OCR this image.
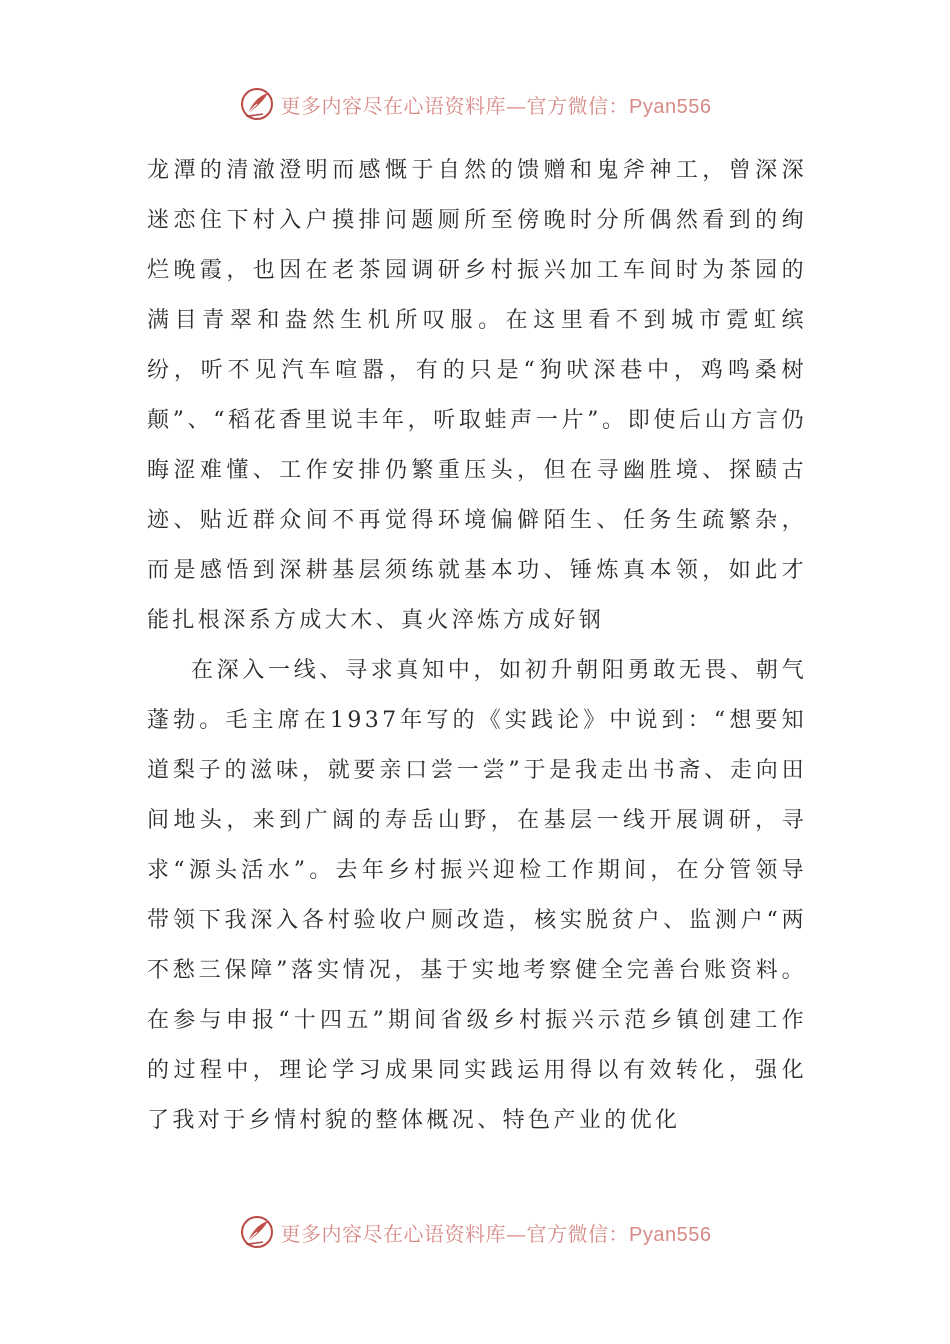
更多内容尽在心语资料库—官方微信：Pyan556

龙潭的清澈澄明而感慨于自然的馈赠和鬼斧神工，曾深深迷恋住下村入户摸排问题厕所至傍晚时分所偶然看到的绚烂晚霞，也因在老茶园调研乡村振兴加工车间时为茶园的满目青翠和盎然生机所叹服。在这里看不到城市霓虹缤纷，听不见汽车喧嚣，有的只是“狗吠深巷中，鸡鸣桑树颠”、“稻花香里说丰年，听取蛙声一片”。即使后山方言仍晦涩难懂、工作安排仍繁重压头，但在寻幽胜境、探赜古迹、贴近群众间不再觉得环境偏僻陌生、任务生疏繁杂，而是感悟到深耕基层须练就基本功、锤炼真本领，如此才能扎根深系方成大木、真火淬炼方成好钢

在深入一线、寻求真知中，如初升朝阳勇敢无畏、朝气蓬勃。毛主席在1937年写的《实践论》中说到：“想要知道梨子的滋味，就要亲口尝一尝”于是我走出书斋、走向田间地头，来到广阔的寿岳山野，在基层一线开展调研，寻求“源头活水”。去年乡村振兴迎检工作期间，在分管领导带领下我深入各村验收户厕改造，核实脱贫户、监测户“两不愁三保障”落实情况，基于实地考察健全完善台账资料。在参与申报“十四五”期间省级乡村振兴示范乡镇创建工作的过程中，理论学习成果同实践运用得以有效转化，强化了我对于乡情村貌的整体概况、特色产业的优化

更多内容尽在心语资料库—官方微信：Pyan556
